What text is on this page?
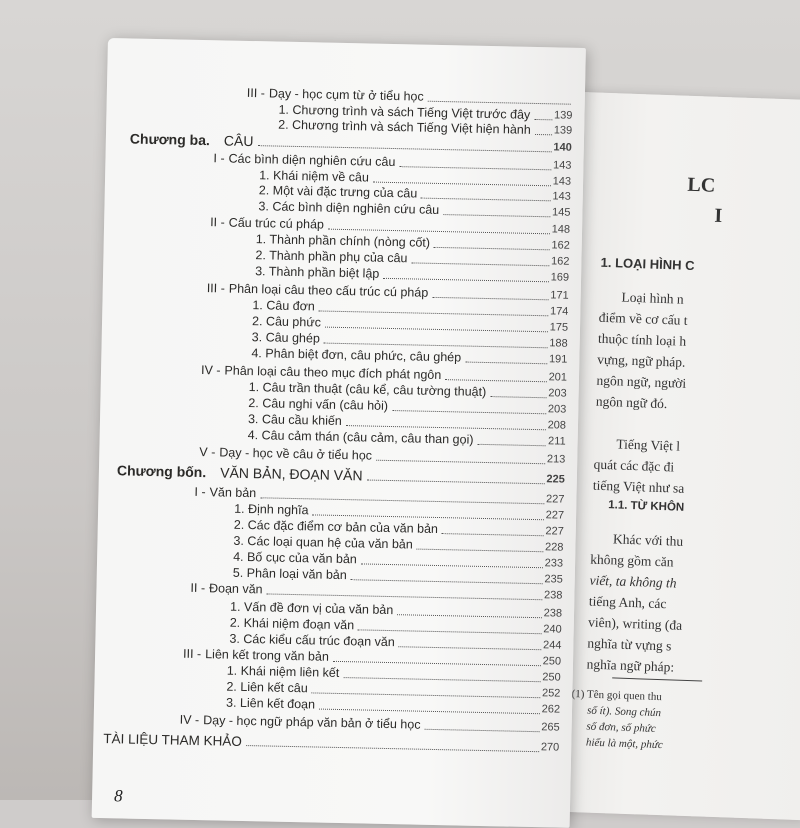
LC
I
1. LOẠI HÌNH C
Loại hình n
điểm về cơ cấu t
thuộc tính loại h
vựng, ngữ pháp.
ngôn ngữ, người
ngôn ngữ đó.
Tiếng Việt l
quát các đặc đi
tiếng Việt như sa
1.1. TỪ KHÔN
Khác với thu
không gồm căn
viết, ta không th
tiếng Anh, các
viên), writing (đa
nghĩa từ vựng s
nghĩa ngữ pháp:
(1) Tên gọi quen thu
số ít). Song chún
số đơn, số phức
hiểu là một, phức
8
III - Dạy - học cụm từ ở tiểu học
1. Chương trình và sách Tiếng Việt trước đây 139
2. Chương trình và sách Tiếng Việt hiện hành 139
Chương ba. CÂU	140
I - Các bình diện nghiên cứu câu	143
1. Khái niệm về câu	143
2. Một vài đặc trưng của câu	143
3. Các bình diện nghiên cứu câu	145
II - Cấu trúc cú pháp	148
1. Thành phần chính (nòng cốt)	162
2. Thành phần phụ của câu	162
3. Thành phần biệt lập	169
III - Phân loại câu theo cấu trúc cú pháp	171
1. Câu đơn	174
2. Câu phức	175
3. Câu ghép	188
4. Phân biệt đơn, câu phức, câu ghép	191
IV - Phân loại câu theo mục đích phát ngôn	201
1. Câu trần thuật (câu kể, câu tường thuật)	203
2. Câu nghi vấn (câu hỏi)	203
3. Câu cầu khiến	208
4. Câu cảm thán (câu cảm, câu than gọi)	211
V - Dạy - học về câu ở tiểu học	213
Chương bốn. VĂN BẢN, ĐOẠN VĂN	225
I - Văn bản	227
1. Định nghĩa	227
2. Các đặc điểm cơ bản của văn bản	227
3. Các loại quan hệ của văn bản	228
4. Bố cục của văn bản	233
5. Phân loại văn bản	235
II - Đoạn văn	238
1. Vấn đề đơn vị của văn bản	238
2. Khái niệm đoạn văn	240
3. Các kiểu cấu trúc đoạn văn	244
III - Liên kết trong văn bản	250
1. Khái niệm liên kết	250
2. Liên kết câu	252
3. Liên kết đoạn	262
IV - Dạy - học ngữ pháp văn bản ở tiểu học	265
TÀI LIỆU THAM KHẢO	270
